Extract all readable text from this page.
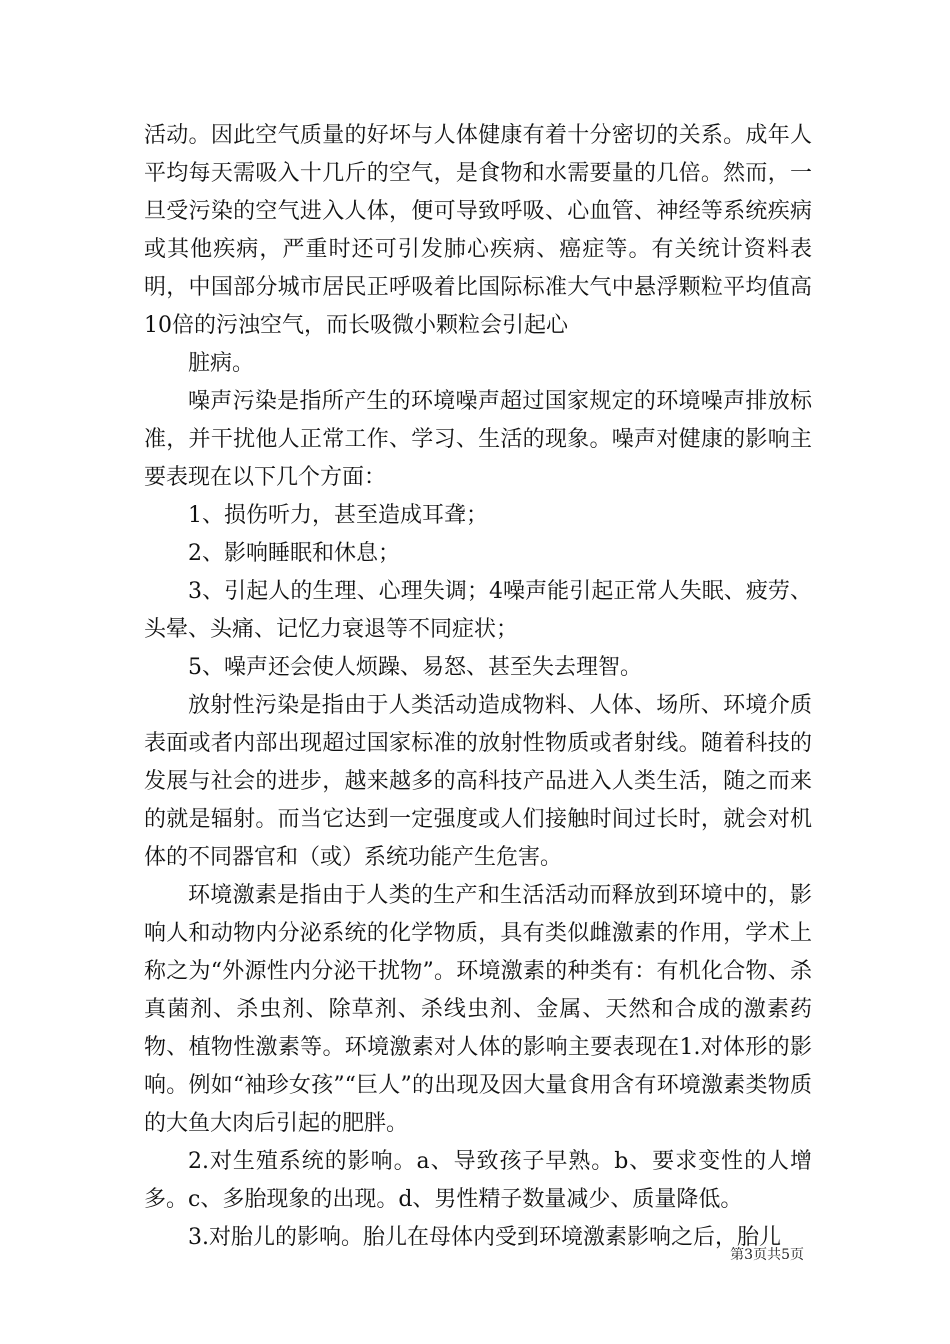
活动。因此空气质量的好坏与人体健康有着十分密切的关系。成年人平均每天需吸入十几斤的空气，是食物和水需要量的几倍。然而，一旦受污染的空气进入人体，便可导致呼吸、心血管、神经等系统疾病或其他疾病，严重时还可引发肺心疾病、癌症等。有关统计资料表明，中国部分城市居民正呼吸着比国际标准大气中悬浮颗粒平均值高10倍的污浊空气，而长吸微小颗粒会引起心

脏病。

噪声污染是指所产生的环境噪声超过国家规定的环境噪声排放标准，并干扰他人正常工作、学习、生活的现象。噪声对健康的影响主要表现在以下几个方面：

1、损伤听力，甚至造成耳聋；

2、影响睡眠和休息；

3、引起人的生理、心理失调；4噪声能引起正常人失眠、疲劳、头晕、头痛、记忆力衰退等不同症状；

5、噪声还会使人烦躁、易怒、甚至失去理智。

放射性污染是指由于人类活动造成物料、人体、场所、环境介质表面或者内部出现超过国家标准的放射性物质或者射线。随着科技的发展与社会的进步，越来越多的高科技产品进入人类生活，随之而来的就是辐射。而当它达到一定强度或人们接触时间过长时，就会对机体的不同器官和（或）系统功能产生危害。

环境激素是指由于人类的生产和生活活动而释放到环境中的，影响人和动物内分泌系统的化学物质，具有类似雌激素的作用，学术上称之为“外源性内分泌干扰物”。环境激素的种类有：有机化合物、杀真菌剂、杀虫剂、除草剂、杀线虫剂、金属、天然和合成的激素药物、植物性激素等。环境激素对人体的影响主要表现在1.对体形的影响。例如“袖珍女孩”“巨人”的出现及因大量食用含有环境激素类物质的大鱼大肉后引起的肥胖。

2.对生殖系统的影响。a、导致孩子早熟。b、要求变性的人增多。c、多胎现象的出现。d、男性精子数量减少、质量降低。

3.对胎儿的影响。胎儿在母体内受到环境激素影响之后，胎儿

第3页共5页
